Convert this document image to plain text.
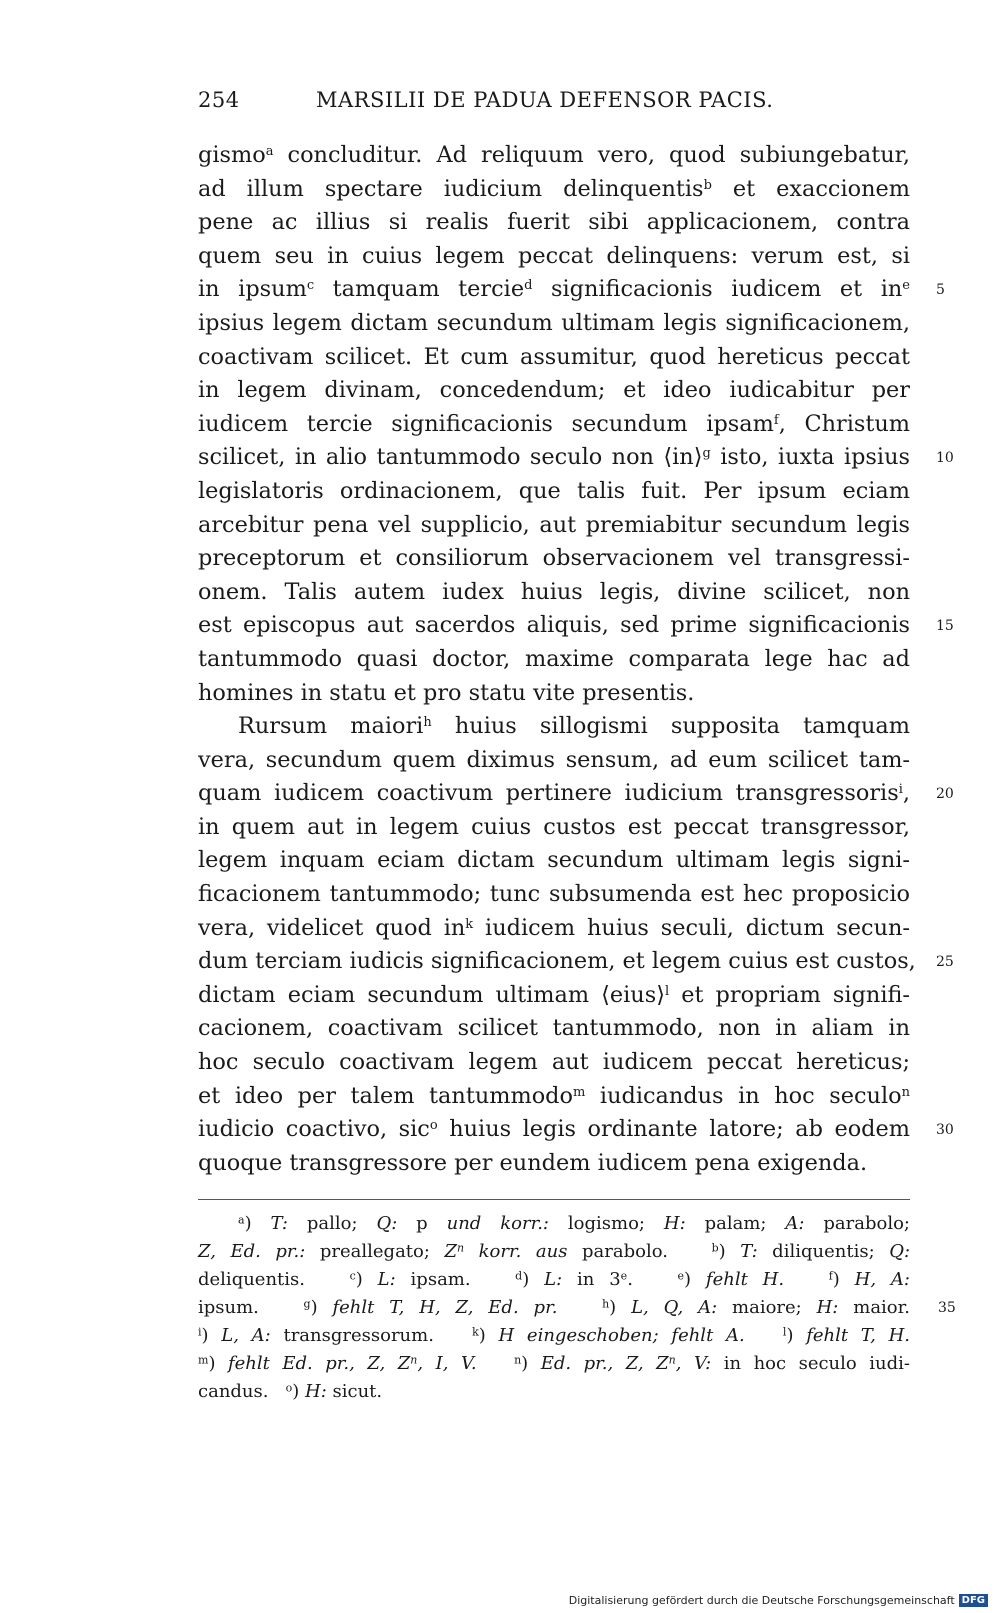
254	MARSILII DE PADUA DEFENSOR PACIS.
gismo$^a$ concluditur. Ad reliquum vero, quod subiungebatur,
ad illum spectare iudicium delinquentis$^b$ et exaccionem
pene ac illius si realis fuerit sibi applicacionem, contra
quem seu in cuius legem peccat delinquens: verum est, si
in ipsum$^c$ tamquam tercie$^d$ significacionis iudicem et $in^e$
ipsius legem dictam secundum ultimam legis significacionem,
coactivam scilicet. Et cum assumitur, quod hereticus peccat
in legem divinam, concedendum; et ideo iudicabitur per
iudicem tercie significacionis secundum ipsam$^f$, Christum
scilicet, in alio tantummodo seculo non ⟨in⟩$^g$ isto, iuxta ipsius
legislatoris ordinacionem, que talis fuit. Per ipsum eciam
arcebitur pena vel supplicio, aut premiabitur secundum legis
preceptorum et consiliorum observacionem vel transgressi-
onem. Talis autem iudex huius legis, divine scilicet, non
est episcopus aut sacerdos aliquis, sed prime significacionis
tantummodo quasi doctor, maxime comparata lege hac ad
homines in statu et pro statu vite presentis.
Rursum maiori$^h$ huius sillogismi supposita tamquam
vera, secundum quem diximus sensum, ad eum scilicet tam-
quam iudicem coactivum pertinere iudicium transgressoris$^i$,
in quem aut in legem cuius custos est peccat transgressor,
legem inquam eciam dictam secundum ultimam legis signi-
ficacionem tantummodo; tunc subsumenda est hec proposicio
vera, videlicet quod $in^k$ iudicem huius seculi, dictum secun-
dum terciam iudicis significacionem, et legem cuius est custos,
dictam eciam secundum ultimam ⟨eius⟩$^l$ et propriam signifi-
cacionem, coactivam scilicet tantummodo, non in aliam in
hoc seculo coactivam legem aut iudicem peccat hereticus;
et ideo per talem tantummodo$^m$ iudicandus in hoc seculo$^n$
iudicio coactivo, sic$^o$ huius legis ordinante latore; ab eodem
quoque transgressore per eundem iudicem pena exigenda.
5
10
15
20
25
30
$^a$) T: pallo; Q: p und korr.: logismo; H: palam; A: parabolo;
Z, Ed. pr.: preallegato; $Z^n$ korr. aus parabolo.   $^b$) T: diliquentis; Q:
deliquentis.   $^c$) L: ipsam.   $^d$) L: in 3e.   $^e$) fehlt H.	$^f$) H, A:
ipsum.   $^g$) fehlt T, H, Z, Ed. pr.	$^h$) L, Q, A: maiore; H: maior.
$^i$) L, A: transgressorum.   $^k$) H eingeschoben; fehlt A.	$^l$) fehlt T, H.
$^m$) fehlt Ed. pr., Z, $Z^n$, I, V.	$^n$) Ed. pr., Z, $Z^n$, V: in hoc seculo iudi-
candus.   $^o$) H: sicut.
Digitalisierung gefördert durch die Deutsche Forschungsgemeinschaft DFG
35
